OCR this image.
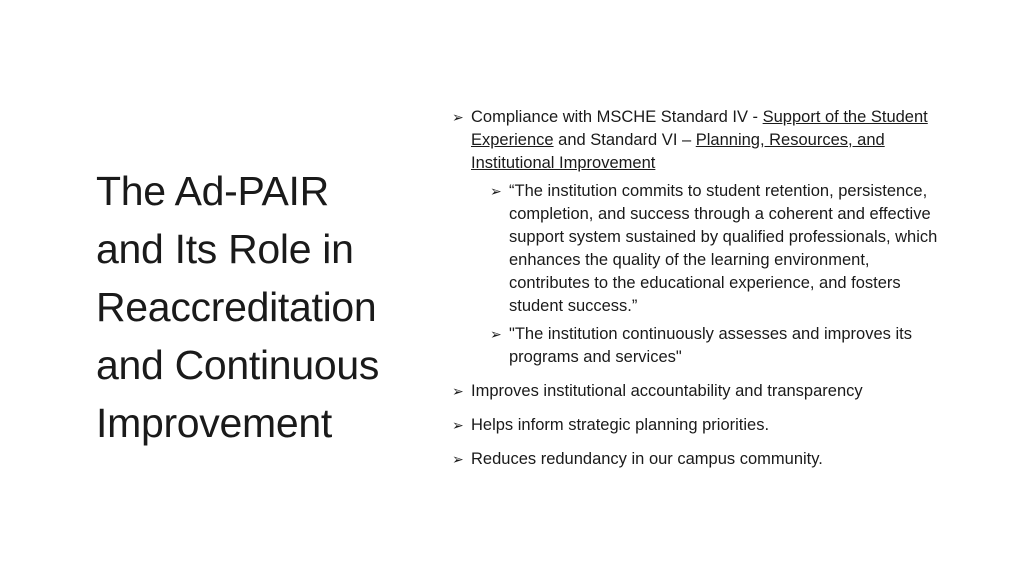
The Ad-PAIR
and Its Role in
Reaccreditation
and Continuous
Improvement
➢ Compliance with MSCHE Standard IV - Support of the Student Experience and Standard VI – Planning, Resources, and Institutional Improvement
➢ “The institution commits to student retention, persistence, completion, and success through a coherent and effective support system sustained by qualified professionals, which enhances the quality of the learning environment, contributes to the educational experience, and fosters student success.”
➢ "The institution continuously assesses and improves its programs and services"
➢ Improves institutional accountability and transparency
➢ Helps inform strategic planning priorities.
➢ Reduces redundancy in our campus community.
